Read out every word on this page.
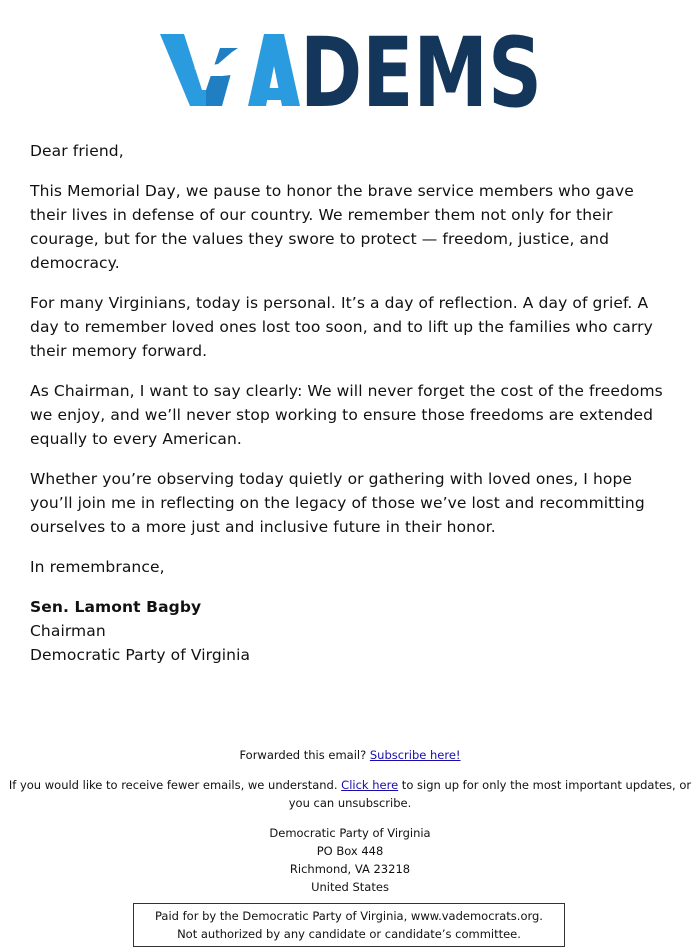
DEMS

Dear friend,

This Memorial Day, we pause to honor the brave service members who gave their lives in defense of our country. We remember them not only for their courage, but for the values they swore to protect — freedom, justice, and democracy.

For many Virginians, today is personal. It’s a day of reflection. A day of grief. A day to remember loved ones lost too soon, and to lift up the families who carry their memory forward.

As Chairman, I want to say clearly: We will never forget the cost of the freedoms we enjoy, and we’ll never stop working to ensure those freedoms are extended equally to every American.

Whether you’re observing today quietly or gathering with loved ones, I hope you’ll join me in reflecting on the legacy of those we’ve lost and recommitting ourselves to a more just and inclusive future in their honor.

In remembrance,

Sen. Lamont Bagby
Chairman
Democratic Party of Virginia

Forwarded this email? Subscribe here!

If you would like to receive fewer emails, we understand. Click here to sign up for only the most important updates, or you can unsubscribe.

Democratic Party of Virginia
PO Box 448
Richmond, VA 23218
United States
Paid for by the Democratic Party of Virginia, www.vademocrats.org.
Not authorized by any candidate or candidate’s committee.
